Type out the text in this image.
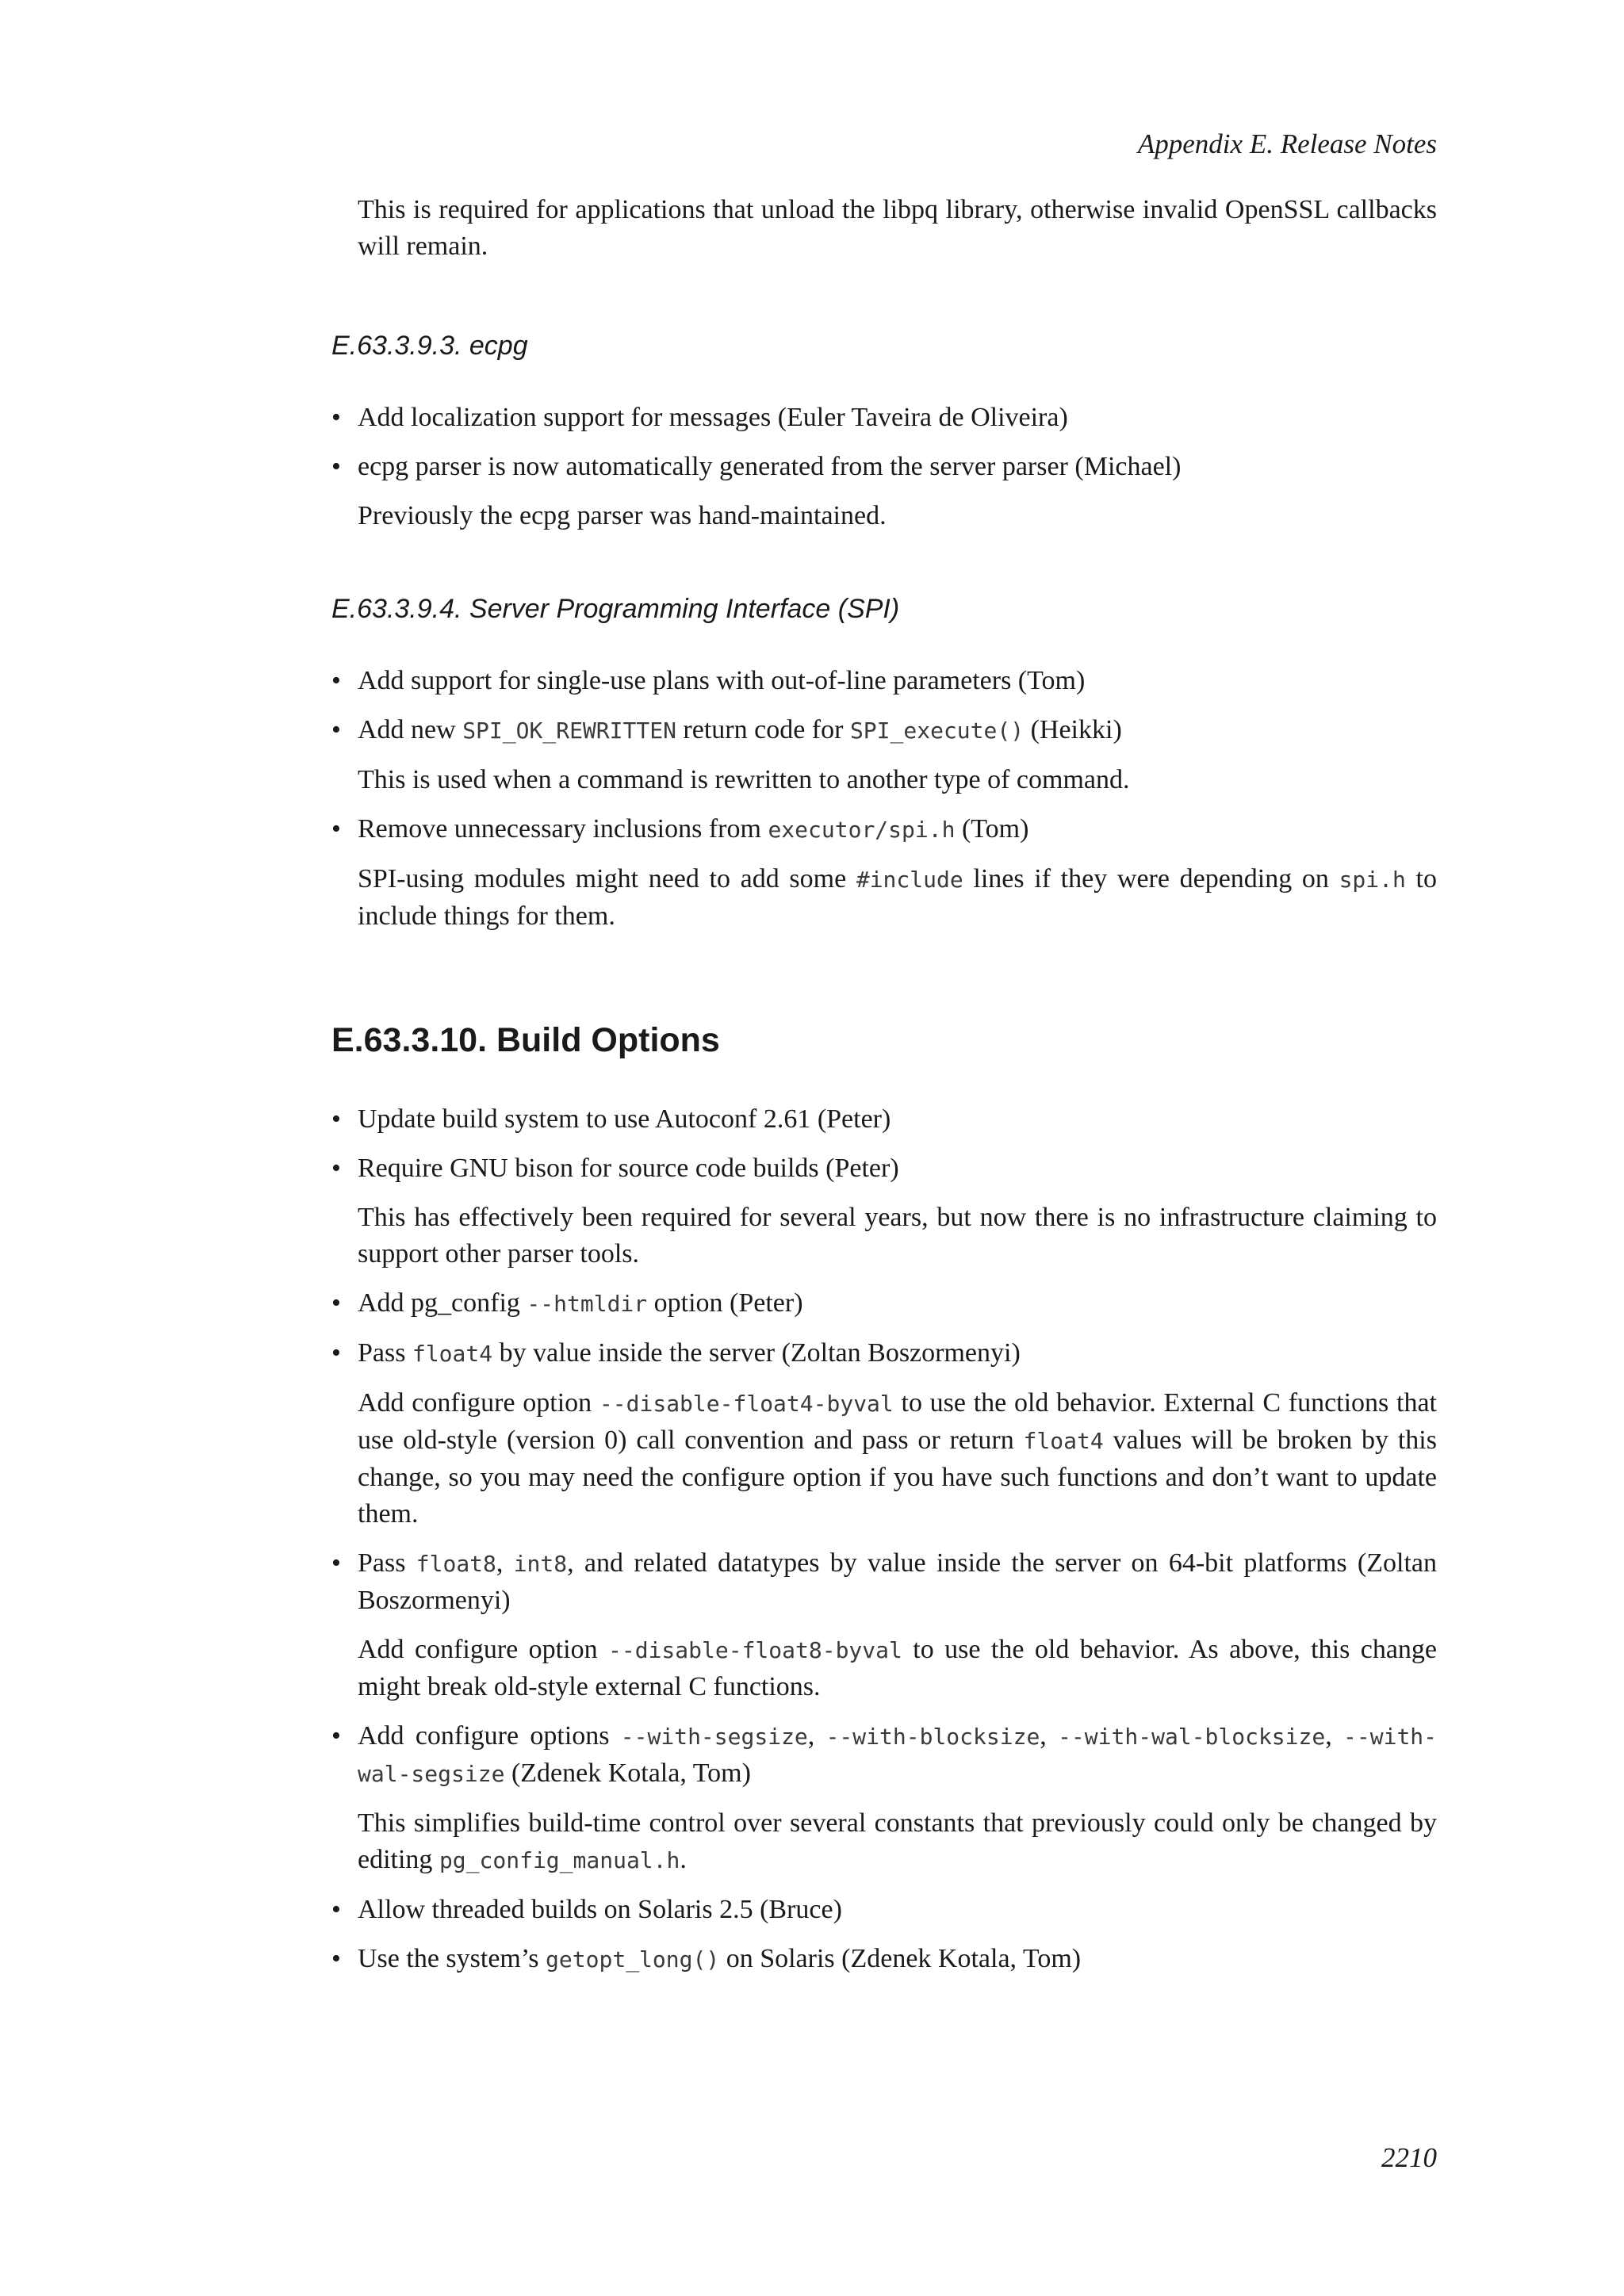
Appendix E. Release Notes

This is required for applications that unload the libpq library, otherwise invalid OpenSSL callbacks will remain.

E.63.3.9.3. ecpg
• Add localization support for messages (Euler Taveira de Oliveira)
• ecpg parser is now automatically generated from the server parser (Michael)
Previously the ecpg parser was hand-maintained.
E.63.3.9.4. Server Programming Interface (SPI)
• Add support for single-use plans with out-of-line parameters (Tom)
• Add new SPI_OK_REWRITTEN return code for SPI_execute() (Heikki)
This is used when a command is rewritten to another type of command.
• Remove unnecessary inclusions from executor/spi.h (Tom)
SPI-using modules might need to add some #include lines if they were depending on spi.h to include things for them.
E.63.3.10. Build Options
• Update build system to use Autoconf 2.61 (Peter)
• Require GNU bison for source code builds (Peter)
This has effectively been required for several years, but now there is no infrastructure claiming to support other parser tools.
• Add pg_config --htmldir option (Peter)
• Pass float4 by value inside the server (Zoltan Boszormenyi)
Add configure option --disable-float4-byval to use the old behavior. External C functions that use old-style (version 0) call convention and pass or return float4 values will be broken by this change, so you may need the configure option if you have such functions and don’t want to update them.
• Pass float8, int8, and related datatypes by value inside the server on 64-bit platforms (Zoltan Boszormenyi)
Add configure option --disable-float8-byval to use the old behavior. As above, this change might break old-style external C functions.
• Add configure options --with-segsize, --with-blocksize, --with-wal-blocksize, --with-wal-segsize (Zdenek Kotala, Tom)
This simplifies build-time control over several constants that previously could only be changed by editing pg_config_manual.h.
• Allow threaded builds on Solaris 2.5 (Bruce)
• Use the system’s getopt_long() on Solaris (Zdenek Kotala, Tom)
2210
